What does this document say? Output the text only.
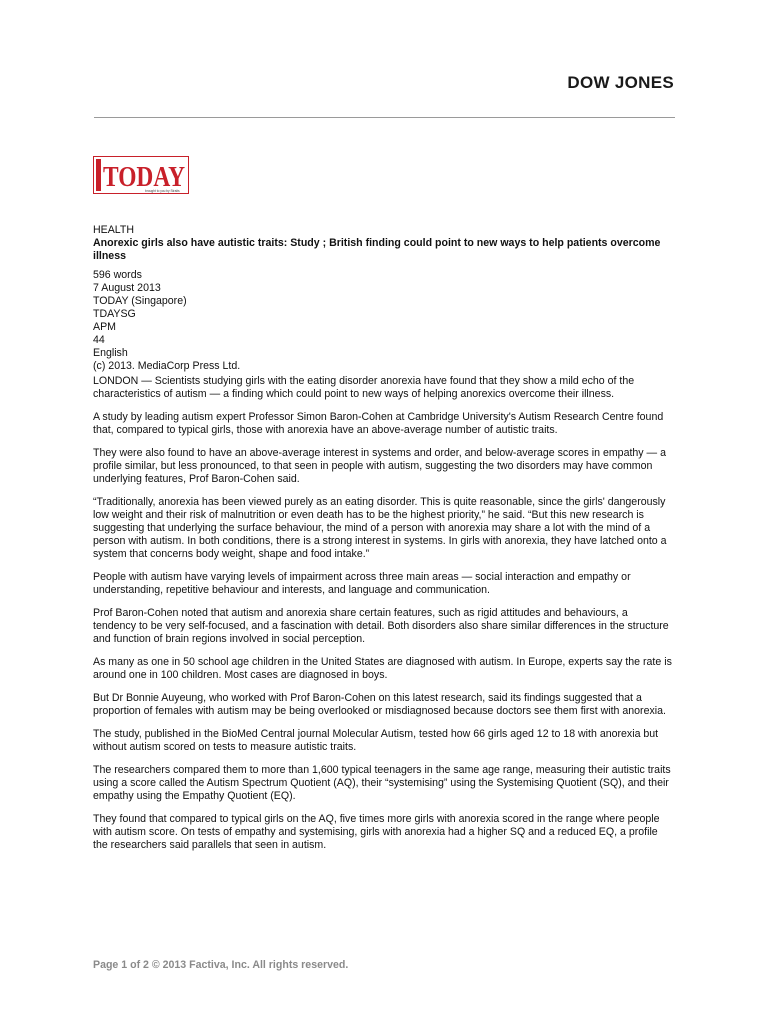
DOW JONES
TODAY
brought to you by Straits
HEALTH
Anorexic girls also have autistic traits: Study ; British finding could point to new ways to help patients overcome illness
596 words
7 August 2013
TODAY (Singapore)
TDAYSG
APM
44
English
(c) 2013. MediaCorp Press Ltd.

LONDON — Scientists studying girls with the eating disorder anorexia have found that they show a mild echo of the characteristics of autism — a finding which could point to new ways of helping anorexics overcome their illness.

A study by leading autism expert Professor Simon Baron-Cohen at Cambridge University's Autism Research Centre found that, compared to typical girls, those with anorexia have an above-average number of autistic traits.

They were also found to have an above-average interest in systems and order, and below-average scores in empathy — a profile similar, but less pronounced, to that seen in people with autism, suggesting the two disorders may have common underlying features, Prof Baron-Cohen said.

“Traditionally, anorexia has been viewed purely as an eating disorder. This is quite reasonable, since the girls' dangerously low weight and their risk of malnutrition or even death has to be the highest priority,” he said. “But this new research is suggesting that underlying the surface behaviour, the mind of a person with anorexia may share a lot with the mind of a person with autism. In both conditions, there is a strong interest in systems. In girls with anorexia, they have latched onto a system that concerns body weight, shape and food intake.”

People with autism have varying levels of impairment across three main areas — social interaction and empathy or understanding, repetitive behaviour and interests, and language and communication.

Prof Baron-Cohen noted that autism and anorexia share certain features, such as rigid attitudes and behaviours, a tendency to be very self-focused, and a fascination with detail. Both disorders also share similar differences in the structure and function of brain regions involved in social perception.

As many as one in 50 school age children in the United States are diagnosed with autism. In Europe, experts say the rate is around one in 100 children. Most cases are diagnosed in boys.

But Dr Bonnie Auyeung, who worked with Prof Baron-Cohen on this latest research, said its findings suggested that a proportion of females with autism may be being overlooked or misdiagnosed because doctors see them first with anorexia.

The study, published in the BioMed Central journal Molecular Autism, tested how 66 girls aged 12 to 18 with anorexia but without autism scored on tests to measure autistic traits.

The researchers compared them to more than 1,600 typical teenagers in the same age range, measuring their autistic traits using a score called the Autism Spectrum Quotient (AQ), their “systemising” using the Systemising Quotient (SQ), and their empathy using the Empathy Quotient (EQ).

They found that compared to typical girls on the AQ, five times more girls with anorexia scored in the range where people with autism score. On tests of empathy and systemising, girls with anorexia had a higher SQ and a reduced EQ, a profile the researchers said parallels that seen in autism.

Page 1 of 2 © 2013 Factiva, Inc. All rights reserved.
